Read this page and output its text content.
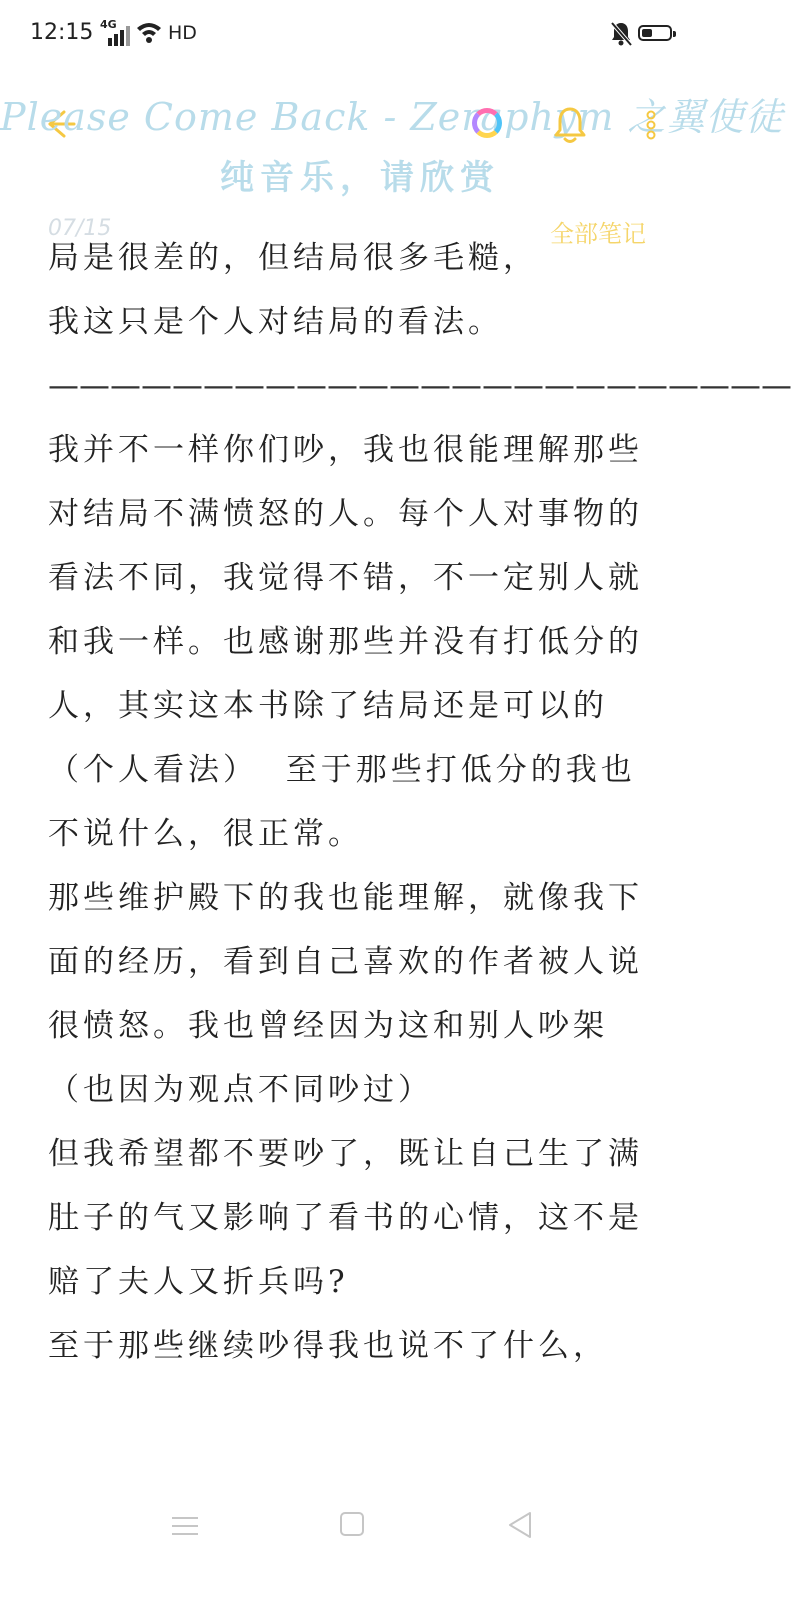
12:15 4G	HD
Please Come Back - Zeraphym 之翼使徒
纯音乐，请欣赏
07/15	全部笔记

局是很差的，但结局很多毛糙，

我这只是个人对结局的看法。

————————————————————————

我并不一样你们吵，我也很能理解那些对结局不满愤怒的人。每个人对事物的看法不同，我觉得不错，不一定别人就和我一样。也感谢那些并没有打低分的人，其实这本书除了结局还是可以的（个人看法）  至于那些打低分的我也不说什么，很正常。

那些维护殿下的我也能理解，就像我下面的经历，看到自己喜欢的作者被人说很愤怒。我也曾经因为这和别人吵架（也因为观点不同吵过）

但我希望都不要吵了，既让自己生了满肚子的气又影响了看书的心情，这不是赔了夫人又折兵吗?

至于那些继续吵得我也说不了什么，
